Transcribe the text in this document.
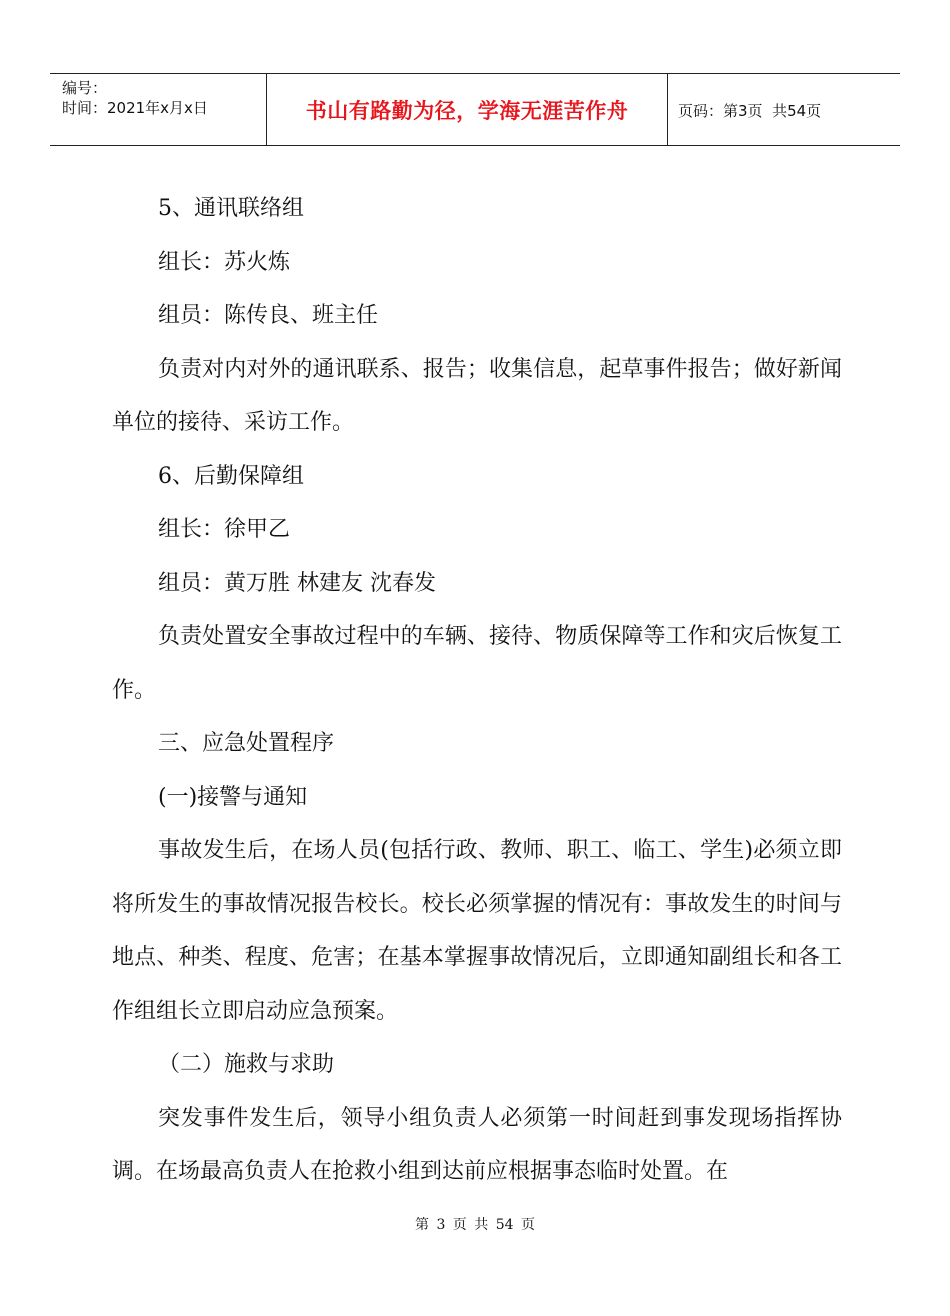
编号：
时间：2021年x月x日	书山有路勤为径，学海无涯苦作舟	页码：第3页  共54页

5、通讯联络组

组长：苏火炼

组员：陈传良、班主任

负责对内对外的通讯联系、报告；收集信息，起草事件报告；做好新闻单位的接待、采访工作。

6、后勤保障组

组长：徐甲乙

组员：黄万胜 林建友 沈春发

负责处置安全事故过程中的车辆、接待、物质保障等工作和灾后恢复工作。

三、应急处置程序

(一)接警与通知

事故发生后，在场人员(包括行政、教师、职工、临工、学生)必须立即将所发生的事故情况报告校长。校长必须掌握的情况有：事故发生的时间与地点、种类、程度、危害；在基本掌握事故情况后，立即通知副组长和各工作组组长立即启动应急预案。

（二）施救与求助

突发事件发生后，领导小组负责人必须第一时间赶到事发现场指挥协调。在场最高负责人在抢救小组到达前应根据事态临时处置。在

第 3 页 共 54 页
